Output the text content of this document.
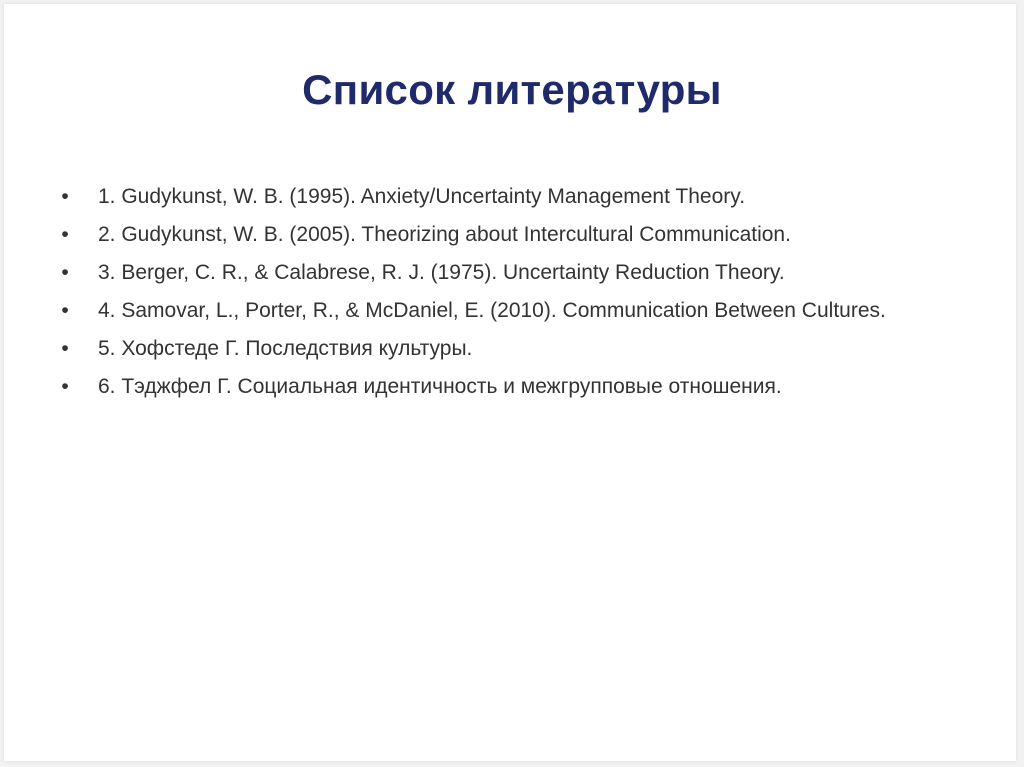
Список литературы
• 1. Gudykunst, W. B. (1995). Anxiety/Uncertainty Management Theory.
• 2. Gudykunst, W. B. (2005). Theorizing about Intercultural Communication.
• 3. Berger, C. R., & Calabrese, R. J. (1975). Uncertainty Reduction Theory.
• 4. Samovar, L., Porter, R., & McDaniel, E. (2010). Communication Between Cultures.
• 5. Хофстеде Г. Последствия культуры.
• 6. Тэджфел Г. Социальная идентичность и межгрупповые отношения.
